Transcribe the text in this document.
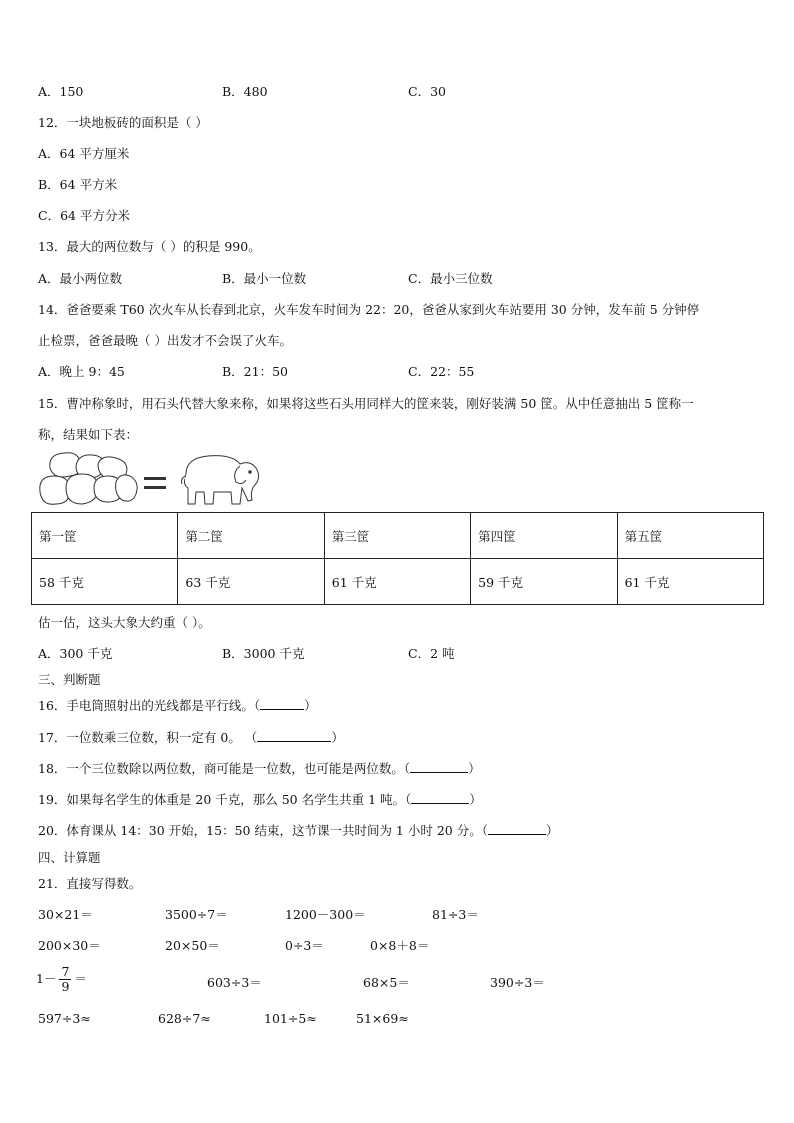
A．150	B．480	C．30
12．一块地板砖的面积是（ ）
A．64 平方厘米
B．64 平方米
C．64 平方分米
13．最大的两位数与（ ）的积是 990。
A．最小两位数	B．最小一位数	C．最小三位数
14．爸爸要乘 T60 次火车从长春到北京，火车发车时间为 22：20，爸爸从家到火车站要用 30 分钟，发车前 5 分钟停
止检票，爸爸最晚（ ）出发才不会误了火车。
A．晚上 9：45	B．21：50	C．22：55
15．曹冲称象时，用石头代替大象来称，如果将这些石头用同样大的筐来装，刚好装满 50 筐。从中任意抽出 5 筐称一
称，结果如下表：
第一筐	第二筐	第三筐	第四筐	第五筐
58 千克	63 千克	61 千克	59 千克	61 千克
估一估，这头大象大约重（ ）。
A．300 千克	B．3000 千克	C．2 吨
三、判断题
16．手电筒照射出的光线都是平行线。（	）
17．一位数乘三位数，积一定有 0。 （	）
18．一个三位数除以两位数，商可能是一位数，也可能是两位数。（	）
19．如果每名学生的体重是 20 千克，那么 50 名学生共重 1 吨。（	）
20．体育课从 14：30 开始，15：50 结束，这节课一共时间为 1 小时 20 分。（	）
四、计算题
21．直接写得数。
30×21＝	3500÷7＝	1200－300＝	81÷3＝
200×30＝	20×50＝	0÷3＝	0×8＋8＝
$1- \frac{7}{9}$ ＝	603÷3＝	68×5＝	390÷3＝
597÷3≈	628÷7≈	101÷5≈	51×69≈
